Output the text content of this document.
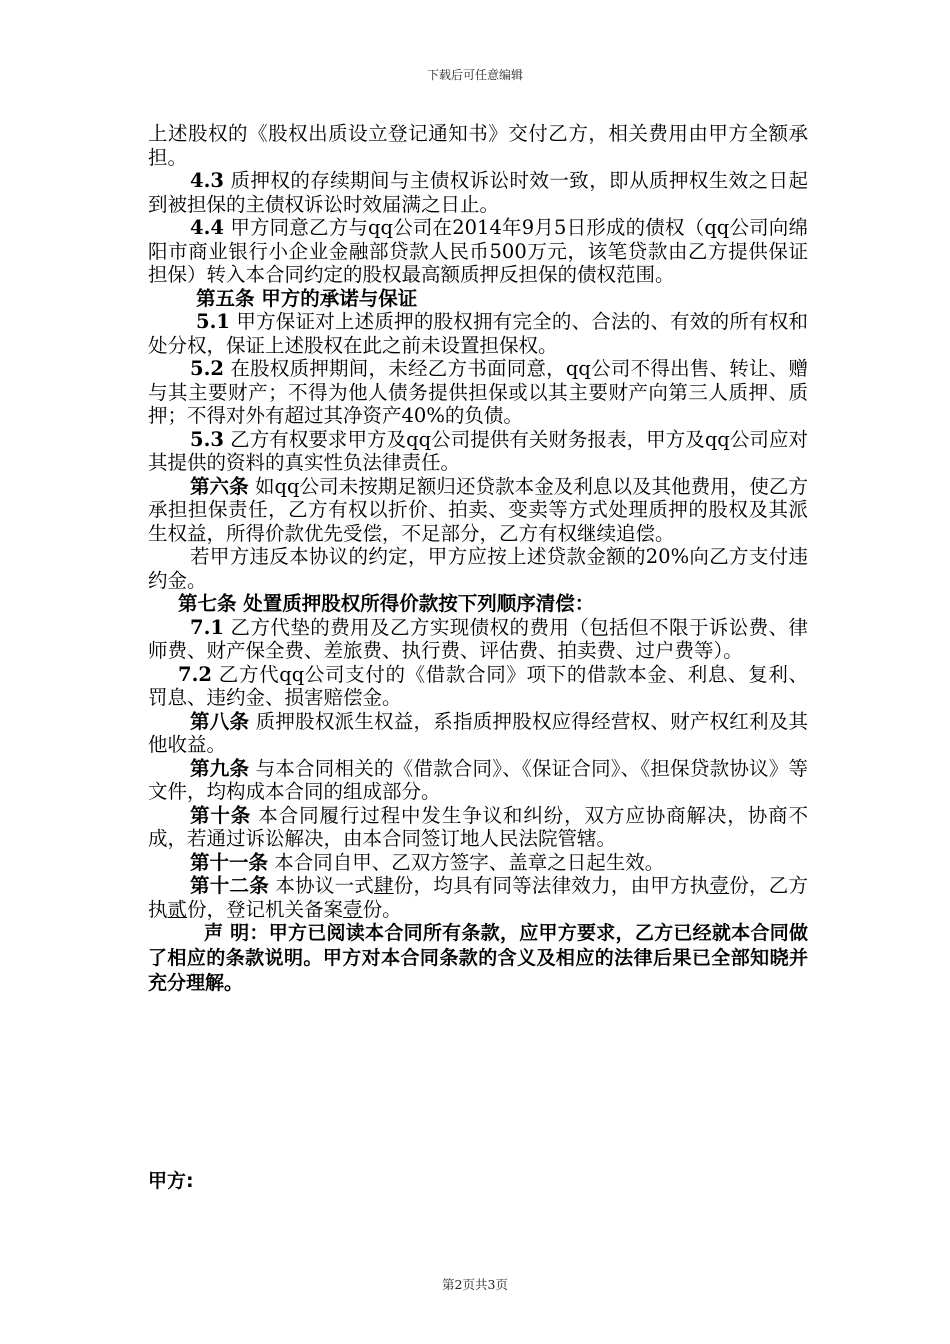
下载后可任意编辑

上述股权的《股权出质设立登记通知书》交付乙方，相关费用由甲方全额承担。

4.3 质押权的存续期间与主债权诉讼时效一致，即从质押权生效之日起到被担保的主债权诉讼时效届满之日止。

4.4 甲方同意乙方与qq公司在2014年9月5日形成的债权（qq公司向绵阳市商业银行小企业金融部贷款人民币500万元，该笔贷款由乙方提供保证担保）转入本合同约定的股权最高额质押反担保的债权范围。

第五条 甲方的承诺与保证

5.1 甲方保证对上述质押的股权拥有完全的、合法的、有效的所有权和处分权，保证上述股权在此之前未设置担保权。

5.2 在股权质押期间，未经乙方书面同意，qq公司不得出售、转让、赠与其主要财产；不得为他人债务提供担保或以其主要财产向第三人质押、质押；不得对外有超过其净资产40%的负债。

5.3 乙方有权要求甲方及qq公司提供有关财务报表，甲方及qq公司应对其提供的资料的真实性负法律责任。

第六条 如qq公司未按期足额归还贷款本金及利息以及其他费用，使乙方承担担保责任，乙方有权以折价、拍卖、变卖等方式处理质押的股权及其派生权益，所得价款优先受偿，不足部分，乙方有权继续追偿。

若甲方违反本协议的约定，甲方应按上述贷款金额的20%向乙方支付违约金。

第七条 处置质押股权所得价款按下列顺序清偿：

7.1 乙方代垫的费用及乙方实现债权的费用（包括但不限于诉讼费、律师费、财产保全费、差旅费、执行费、评估费、拍卖费、过户费等）。

7.2 乙方代qq公司支付的《借款合同》项下的借款本金、利息、复利、罚息、违约金、损害赔偿金。

第八条 质押股权派生权益，系指质押股权应得经营权、财产权红利及其他收益。

第九条 与本合同相关的《借款合同》、《保证合同》、《担保贷款协议》等文件，均构成本合同的组成部分。

第十条 本合同履行过程中发生争议和纠纷，双方应协商解决，协商不成，若通过诉讼解决，由本合同签订地人民法院管辖。

第十一条 本合同自甲、乙双方签字、盖章之日起生效。

第十二条 本协议一式肆份，均具有同等法律效力，由甲方执壹份，乙方执贰份，登记机关备案壹份。

声 明：甲方已阅读本合同所有条款，应甲方要求，乙方已经就本合同做了相应的条款说明。甲方对本合同条款的含义及相应的法律后果已全部知晓并充分理解。

甲方:
第2页共3页
